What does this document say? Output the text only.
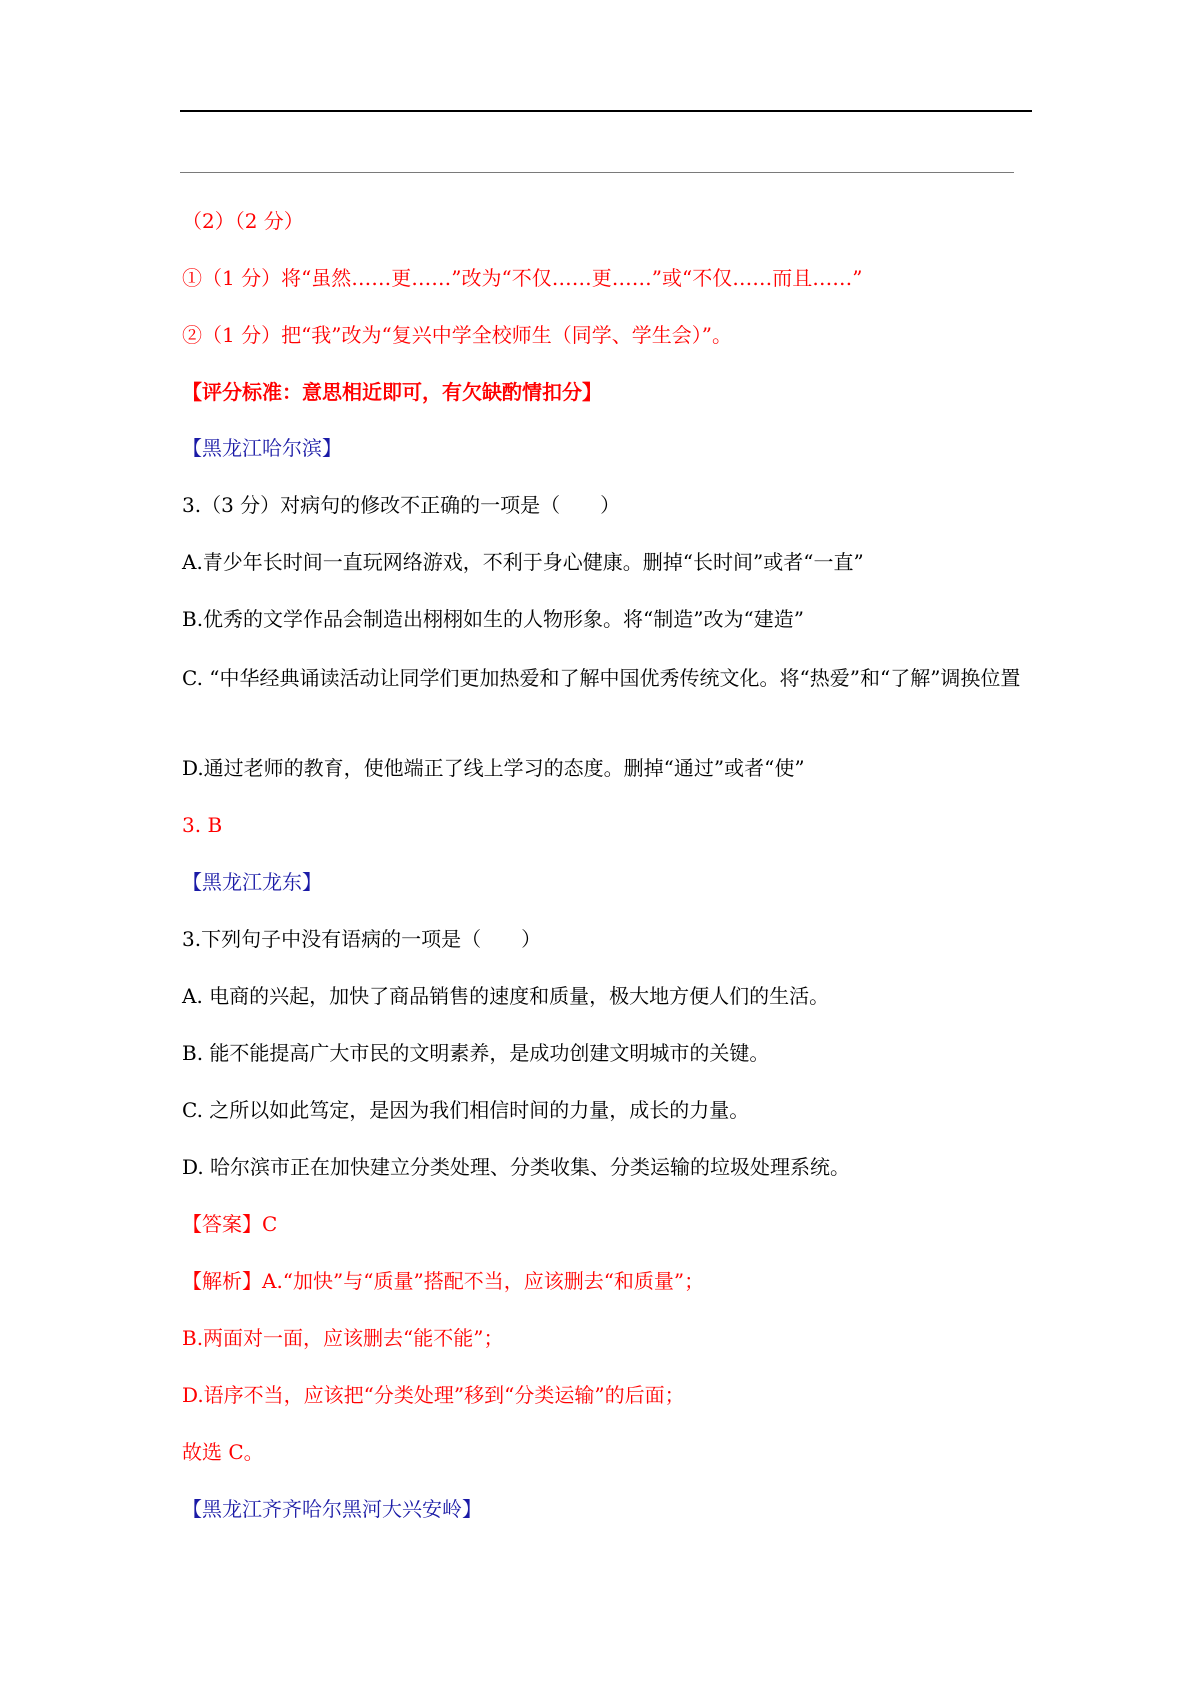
（2）（2 分）
①（1 分）将“虽然……更……”改为“不仅……更……”或“不仅……而且……”
②（1 分）把“我”改为“复兴中学全校师生（同学、学生会）”。
【评分标准：意思相近即可，有欠缺酌情扣分】
【黑龙江哈尔滨】
3.（3 分）对病句的修改不正确的一项是（　　）
A.青少年长时间一直玩网络游戏，不利于身心健康。删掉“长时间”或者“一直”
B.优秀的文学作品会制造出栩栩如生的人物形象。将“制造”改为“建造”
C. “中华经典诵读活动让同学们更加热爱和了解中国优秀传统文化。将“热爱”和“了解”调换位置
D.通过老师的教育，使他端正了线上学习的态度。删掉“通过”或者“使”
3. B
【黑龙江龙东】
3.下列句子中没有语病的一项是（　　）
A. 电商的兴起，加快了商品销售的速度和质量，极大地方便人们的生活。
B. 能不能提高广大市民的文明素养，是成功创建文明城市的关键。
C. 之所以如此笃定，是因为我们相信时间的力量，成长的力量。
D. 哈尔滨市正在加快建立分类处理、分类收集、分类运输的垃圾处理系统。
【答案】C
【解析】A.“加快”与“质量”搭配不当，应该删去“和质量”；
B.两面对一面，应该删去“能不能”；
D.语序不当，应该把“分类处理”移到“分类运输”的后面；
故选 C。
【黑龙江齐齐哈尔黑河大兴安岭】
